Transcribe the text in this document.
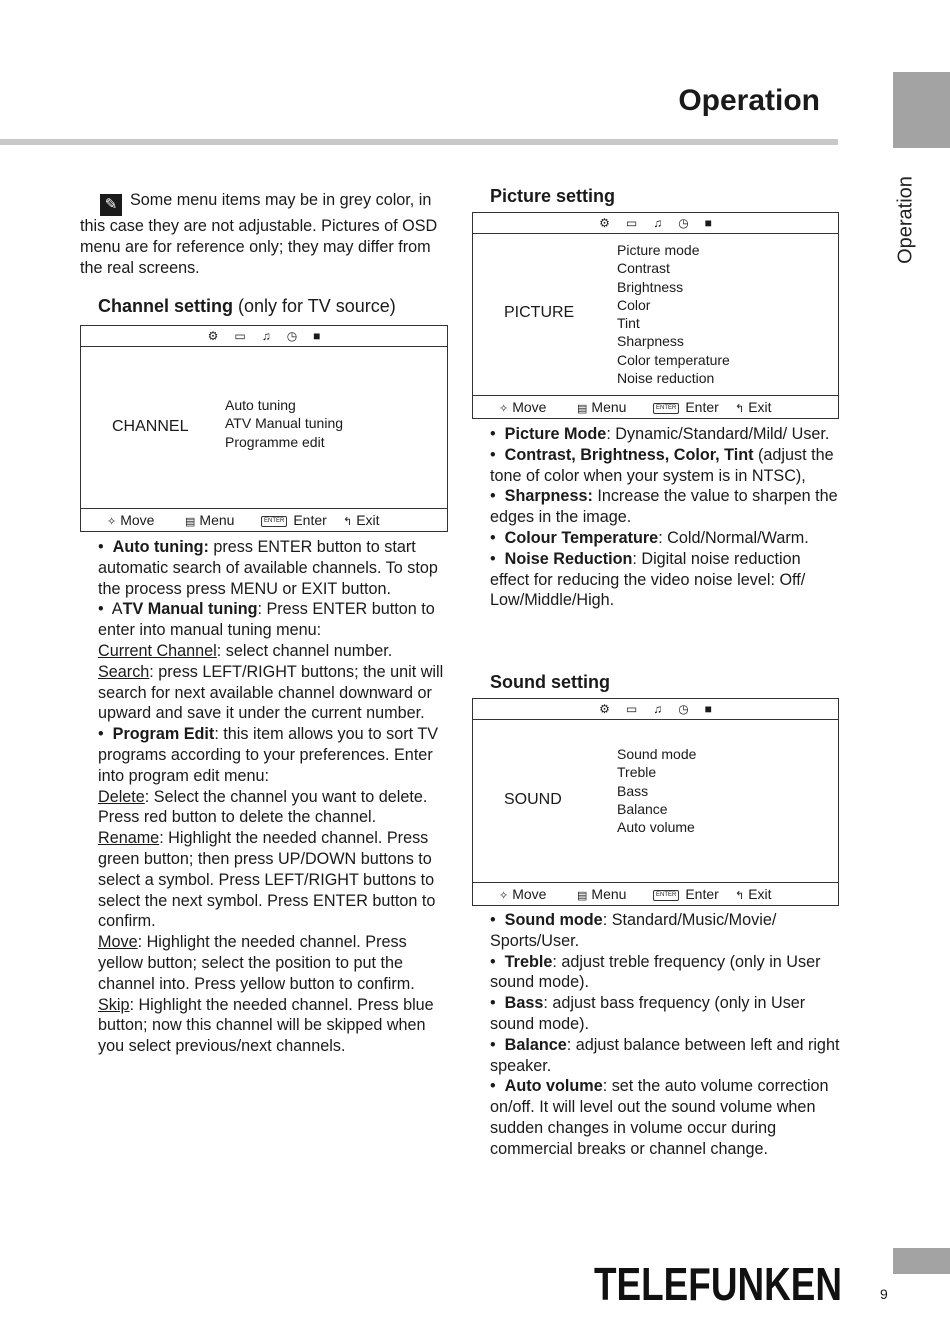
Operation
Operation
✎ Some menu items may be in grey color, in this case they are not adjustable. Pictures of OSD menu are for reference only; they may differ from the real screens.
Channel setting (only for TV source)
⚙ ▭ ♫ ◷ ■
CHANNEL
Auto tuning
ATV Manual tuning
Programme edit
✧ Move	▤ Menu	ENTER Enter ↰ Exit
•  Auto tuning: press ENTER button to start automatic search of available channels. To stop the process press MENU or EXIT button.
•  ATV Manual tuning: Press ENTER button to enter into manual tuning menu:
Current Channel: select channel number.
Search: press LEFT/RIGHT buttons; the unit will search for next available channel downward or upward and save it under the current number.
•  Program Edit: this item allows you to sort TV programs according to your preferences. Enter into program edit menu:
Delete: Select the channel you want to delete. Press red button to delete the channel.
Rename: Highlight the needed channel. Press green button; then press UP/DOWN buttons to select a symbol. Press LEFT/RIGHT buttons to select the next symbol. Press ENTER button to confirm.
Move: Highlight the needed channel. Press yellow button; select the position to put the channel into. Press yellow button to confirm.
Skip: Highlight the needed channel. Press blue button; now this channel will be skipped when you select previous/next channels.
Picture setting
⚙ ▭ ♫ ◷ ■
PICTURE
Picture mode
Contrast
Brightness
Color
Tint
Sharpness
Color temperature
Noise reduction
✧ Move	▤ Menu	ENTER Enter ↰ Exit
•  Picture Mode: Dynamic/Standard/Mild/ User.
•  Contrast, Brightness, Color, Tint (adjust the tone of color when your system is in NTSC),
•  Sharpness: Increase the value to sharpen the edges in the image.
•  Colour Temperature: Cold/Normal/Warm.
•  Noise Reduction: Digital noise reduction effect for reducing the video noise level: Off/ Low/Middle/High.
Sound setting
⚙ ▭ ♫ ◷ ■
SOUND
Sound mode
Treble
Bass
Balance
Auto volume
✧ Move	▤ Menu	ENTER Enter ↰ Exit
•  Sound mode: Standard/Music/Movie/ Sports/User.
•  Treble: adjust treble frequency (only in User sound mode).
•  Bass: adjust bass frequency (only in User sound mode).
•  Balance: adjust balance between left and right speaker.
•  Auto volume: set the auto volume correction on/off. It will level out the sound volume when sudden changes in volume occur during commercial breaks or channel change.
TELEFUNKEN	9
